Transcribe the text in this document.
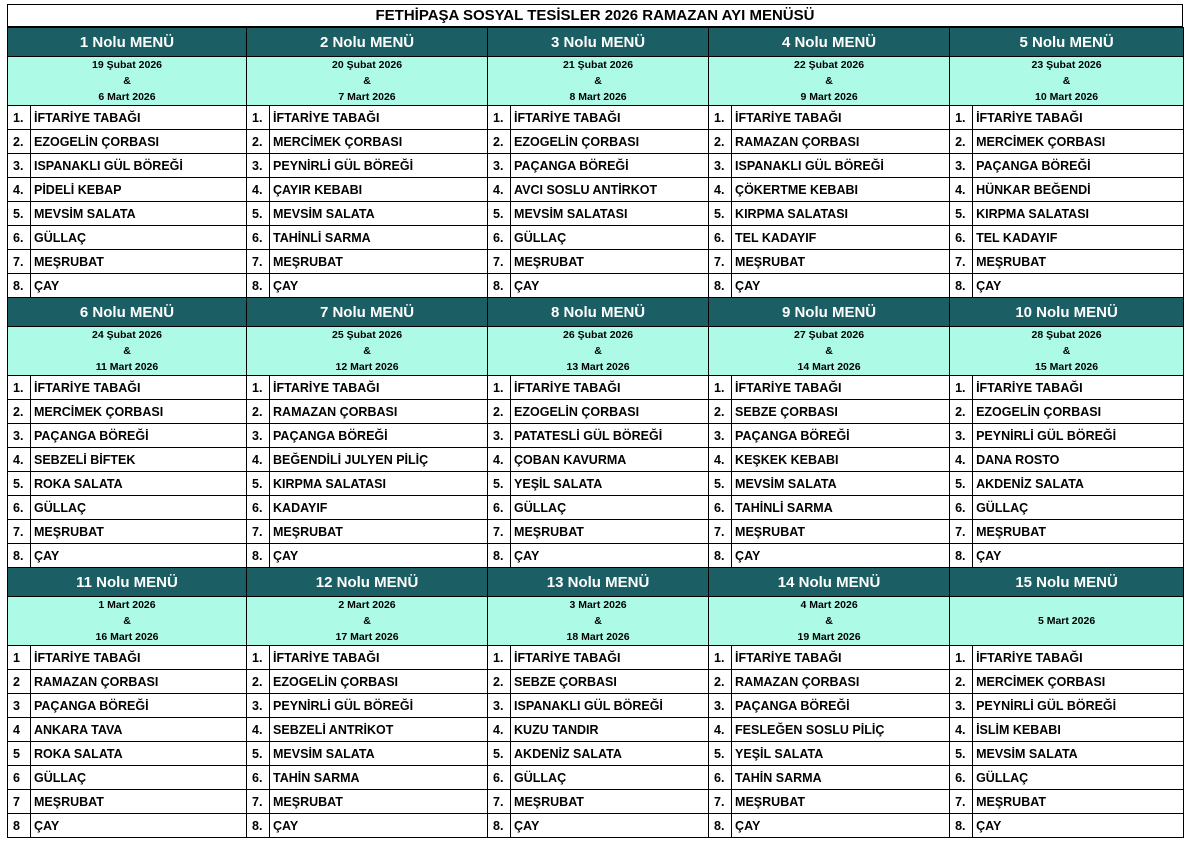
FETHİPAŞA SOSYAL TESİSLER 2026 RAMAZAN AYI MENÜSÜ
1 Nolu MENÜ		2 Nolu MENÜ		3 Nolu MENÜ		4 Nolu MENÜ		5 Nolu MENÜ	

19 Şubat 2026
&
6 Mart 2026		20 Şubat 2026
&
7 Mart 2026		21 Şubat 2026
&
8 Mart 2026		22 Şubat 2026
&
9 Mart 2026		23 Şubat 2026
&
10 Mart 2026	

1.	İFTARİYE TABAĞI	1.	İFTARİYE TABAĞI	1.	İFTARİYE TABAĞI	1.	İFTARİYE TABAĞI	1.	İFTARİYE TABAĞI
2.	EZOGELİN ÇORBASI	2.	MERCİMEK ÇORBASI	2.	EZOGELİN ÇORBASI	2.	RAMAZAN ÇORBASI	2.	MERCİMEK ÇORBASI
3.	ISPANAKLI GÜL BÖREĞİ	3.	PEYNİRLİ GÜL BÖREĞİ	3.	PAÇANGA BÖREĞİ	3.	ISPANAKLI GÜL BÖREĞİ	3.	PAÇANGA BÖREĞİ
4.	PİDELİ KEBAP	4.	ÇAYIR KEBABI	4.	AVCI SOSLU ANTİRKOT	4.	ÇÖKERTME KEBABI	4.	HÜNKAR BEĞENDİ
5.	MEVSİM SALATA	5.	MEVSİM SALATA	5.	MEVSİM SALATASI	5.	KIRPMA SALATASI	5.	KIRPMA SALATASI
6.	GÜLLAÇ	6.	TAHİNLİ SARMA	6.	GÜLLAÇ	6.	TEL KADAYIF	6.	TEL KADAYIF
7.	MEŞRUBAT	7.	MEŞRUBAT	7.	MEŞRUBAT	7.	MEŞRUBAT	7.	MEŞRUBAT
8.	ÇAY	8.	ÇAY	8.	ÇAY	8.	ÇAY	8.	ÇAY
6 Nolu MENÜ		7 Nolu MENÜ		8 Nolu MENÜ		9 Nolu MENÜ		10 Nolu MENÜ	

24 Şubat 2026
&
11 Mart 2026		25 Şubat 2026
&
12 Mart 2026		26 Şubat 2026
&
13 Mart 2026		27 Şubat 2026
&
14 Mart 2026		28 Şubat 2026
&
15 Mart 2026	

1.	İFTARİYE TABAĞI	1.	İFTARİYE TABAĞI	1.	İFTARİYE TABAĞI	1.	İFTARİYE TABAĞI	1.	İFTARİYE TABAĞI
2.	MERCİMEK ÇORBASI	2.	RAMAZAN ÇORBASI	2.	EZOGELİN ÇORBASI	2.	SEBZE ÇORBASI	2.	EZOGELİN ÇORBASI
3.	PAÇANGA BÖREĞİ	3.	PAÇANGA BÖREĞİ	3.	PATATESLİ GÜL BÖREĞİ	3.	PAÇANGA BÖREĞİ	3.	PEYNİRLİ GÜL BÖREĞİ
4.	SEBZELİ BİFTEK	4.	BEĞENDİLİ JULYEN PİLİÇ	4.	ÇOBAN KAVURMA	4.	KEŞKEK KEBABI	4.	DANA ROSTO
5.	ROKA SALATA	5.	KIRPMA SALATASI	5.	YEŞİL SALATA	5.	MEVSİM SALATA	5.	AKDENİZ SALATA
6.	GÜLLAÇ	6.	KADAYIF	6.	GÜLLAÇ	6.	TAHİNLİ SARMA	6.	GÜLLAÇ
7.	MEŞRUBAT	7.	MEŞRUBAT	7.	MEŞRUBAT	7.	MEŞRUBAT	7.	MEŞRUBAT
8.	ÇAY	8.	ÇAY	8.	ÇAY	8.	ÇAY	8.	ÇAY
11 Nolu MENÜ		12 Nolu MENÜ		13 Nolu MENÜ		14 Nolu MENÜ		15 Nolu MENÜ	

1 Mart 2026
&
16 Mart 2026		2 Mart 2026
&
17 Mart 2026		3 Mart 2026
&
18 Mart 2026		4 Mart 2026
&
19 Mart 2026		5 Mart 2026	

1	İFTARİYE TABAĞI	1.	İFTARİYE TABAĞI	1.	İFTARİYE TABAĞI	1.	İFTARİYE TABAĞI	1.	İFTARİYE TABAĞI
2	RAMAZAN ÇORBASI	2.	EZOGELİN ÇORBASI	2.	SEBZE ÇORBASI	2.	RAMAZAN ÇORBASI	2.	MERCİMEK ÇORBASI
3	PAÇANGA BÖREĞİ	3.	PEYNİRLİ GÜL BÖREĞİ	3.	ISPANAKLI GÜL BÖREĞİ	3.	PAÇANGA BÖREĞİ	3.	PEYNİRLİ GÜL BÖREĞİ
4	ANKARA TAVA	4.	SEBZELİ ANTRİKOT	4.	KUZU TANDIR	4.	FESLEĞEN SOSLU PİLİÇ	4.	İSLİM KEBABI
5	ROKA SALATA	5.	MEVSİM SALATA	5.	AKDENİZ SALATA	5.	YEŞİL SALATA	5.	MEVSİM SALATA
6	GÜLLAÇ	6.	TAHİN SARMA	6.	GÜLLAÇ	6.	TAHİN SARMA	6.	GÜLLAÇ
7	MEŞRUBAT	7.	MEŞRUBAT	7.	MEŞRUBAT	7.	MEŞRUBAT	7.	MEŞRUBAT
8	ÇAY	8.	ÇAY	8.	ÇAY	8.	ÇAY	8.	ÇAY
